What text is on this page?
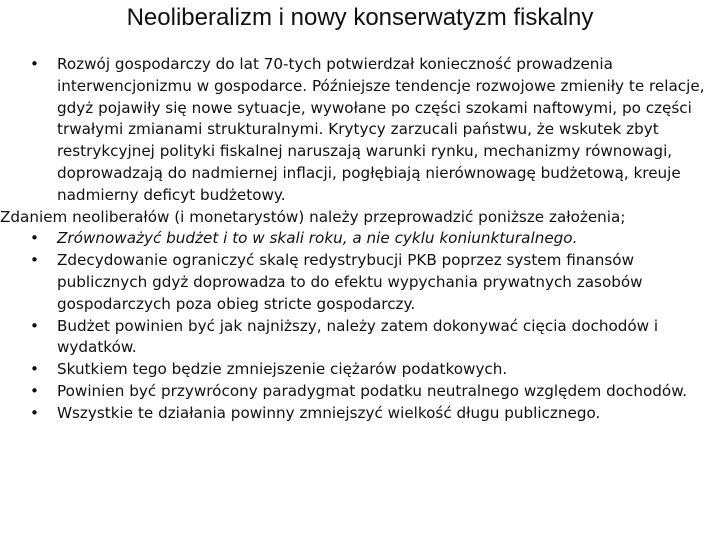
Neoliberalizm i nowy konserwatyzm fiskalny

•	Rozwój gospodarczy do lat 70-tych potwierdzał konieczność prowadzenia interwencjonizmu w gospodarce. Późniejsze tendencje rozwojowe zmieniły te relacje, gdyż pojawiły się nowe sytuacje, wywołane po części szokami naftowymi, po części trwałymi zmianami strukturalnymi. Krytycy zarzucali państwu, że wskutek zbyt restrykcyjnej polityki fiskalnej naruszają warunki rynku, mechanizmy równowagi, doprowadzają do nadmiernej inflacji, pogłębiają nierównowagę budżetową, kreuje nadmierny deficyt budżetowy.

Zdaniem neoliberałów (i monetarystów) należy przeprowadzić poniższe założenia;

•	Zrównoważyć budżet i to w skali roku, a nie cyklu koniunkturalnego.

•	Zdecydowanie ograniczyć skalę redystrybucji PKB poprzez system finansów publicznych gdyż doprowadza to do efektu wypychania prywatnych zasobów gospodarczych poza obieg stricte gospodarczy.

•	Budżet powinien być jak najniższy, należy zatem dokonywać cięcia dochodów i wydatków.

•	Skutkiem tego będzie zmniejszenie ciężarów podatkowych.

•	Powinien być przywrócony paradygmat podatku neutralnego względem dochodów.

•	Wszystkie te działania powinny zmniejszyć wielkość długu publicznego.
